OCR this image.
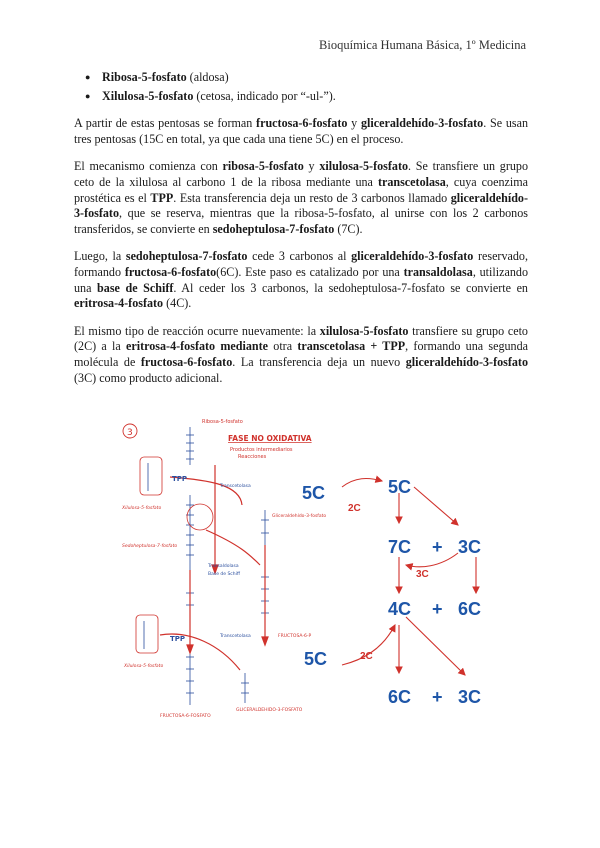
Bioquímica Humana Básica, 1º Medicina
● Ribosa-5-fosfato (aldosa)
● Xilulosa-5-fosfato (cetosa, indicado por “-ul-”).

A partir de estas pentosas se forman fructosa-6-fosfato y gliceraldehído-3-fosfato. Se usan tres pentosas (15C en total, ya que cada una tiene 5C) en el proceso.

El mecanismo comienza con ribosa-5-fosfato y xilulosa-5-fosfato. Se transfiere un grupo ceto de la xilulosa al carbono 1 de la ribosa mediante una transcetolasa, cuya coenzima prostética es el TPP. Esta transferencia deja un resto de 3 carbonos llamado gliceraldehído-3-fosfato, que se reserva, mientras que la ribosa-5-fosfato, al unirse con los 2 carbonos transferidos, se convierte en sedoheptulosa-7-fosfato (7C).

Luego, la sedoheptulosa-7-fosfato cede 3 carbonos al gliceraldehído-3-fosfato reservado, formando fructosa-6-fosfato(6C). Este paso es catalizado por una transaldolasa, utilizando una base de Schiff. Al ceder los 3 carbonos, la sedoheptulosa-7-fosfato se convierte en eritrosa-4-fosfato (4C).

El mismo tipo de reacción ocurre nuevamente: la xilulosa-5-fosfato transfiere su grupo ceto (2C) a la eritrosa-4-fosfato mediante otra transcetolasa + TPP, formando una segunda molécula de fructosa-6-fosfato. La transferencia deja un nuevo gliceraldehído-3-fosfato (3C) como producto adicional.

3
Ribosa-5-fosfato
FASE NO OXIDATIVA
Productos intermediarios
Reacciones
TPP
Transcetolasa
Xilulosa-5-fosfato
Gliceraldehído-3-fosfato
Sedoheptulosa-7-fosfato
Transaldolasa
Base de Schiff
FRUCTOSA-6-P
Xilulosa-5-fosfato
TPP	Transcetolasa
FRUCTOSA-6-FOSFATO
GLICERALDEHIDO-3-FOSFATO
5C	5C
2C
7C + 3C
3C
4C + 6C
5C	2C
6C + 3C
